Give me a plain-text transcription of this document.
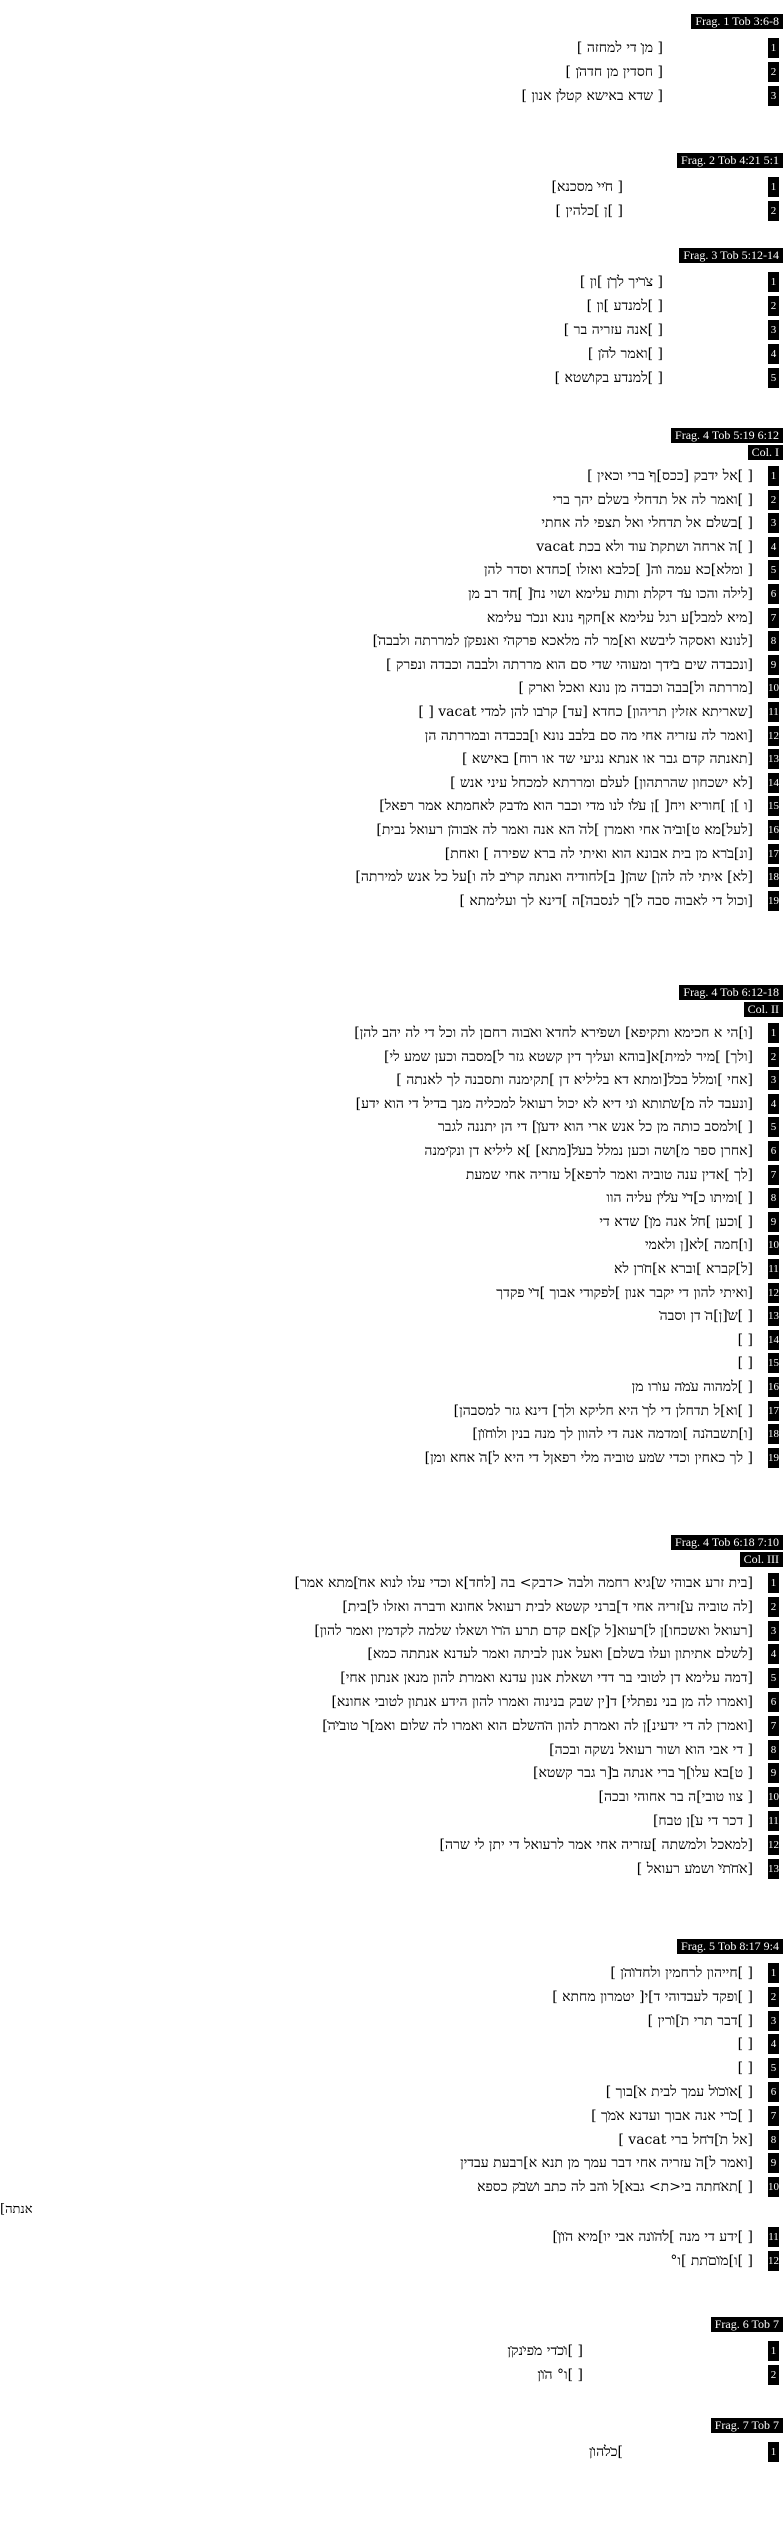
Frag. 1 Tob 3:6-8
1
[ מן̇ די למחזה ]
2
[ חסדין מן חדה̇ן ]
3
[ שדא באישא קטל̇ן אנון ]
Frag. 2 Tob 4:21 5:1
1
[ ח̇יי̇ מסכנא]
2
[ ]ן ]כלהין ]
Frag. 3 Tob 5:12-14
1
[ צ̇ר̇יך ל̇ך̇ן ]ון ]
2
[ ]למנדע ]ון ]
3
[ ]אנה עזריה בר ]
4
[ ]ואמר ל̇ה̇ן ]
5
[ ]למנדע בקו̇שטא ]
Frag. 4 Tob 5:19 6:12
Col. I
1
[ ]אל ידבק [ככס]ף̇ ברי וכאין ]
2
[ ]ואמר לה אל תדחלי בשלם יהך ברי
3
[ ]בשל̇ם אל תדחלי ואל תצפי לה אחתי
4
[ ]ה̇ ארחה̇ ושתקת̇ עוד ולא בכת vacat
5
[ ומלא]כא עמה ו̇ה[ ]כלבא ואזלו ]כחדא וסדר להן
6
[לילה והכו ע̇ד דקלת ותות עלימא ושוי נח̇[ ]חד רב מן
7
[מיא למבל]ע רגל עלימא א]חקף נונא ונכ̇ר עלימא
8
[לנונא ואסקה̇ ליבשא וא]מר לה מלאכא פרקה̇י ואנפק̇ן למררתה ולבבה̇]
9
[ונכבדה שים ב̇ידך ומעוהי שדי סם הוא מררתה ולבבה וכבדה ונפרק ]
10
[מררתה ול]בבה̇ וכבדה מן נונא ואכל וארק ]
11
[שאריתא אזלין תריהון] כחדא [עד] קר̇בו להן למדי vacat [ ]
12
[ואמר לה עזריה אחי מה סם בלבב נונא ו]בכבדה ובמררתה הן
13
[תאנתה קדם גבר או אנתא נגיעי שד או רוח] באישא ]
14
[לא ישכחון שהרתהון] לעלם ומררתא למכחל עיני אנש ]
15
[ו ]ן ]חוריא ויח[ ]ן ע̇ל̇ו לנו מדי וכבר הוא מ̇דבק לאחמתא אמר רפאל]
16
[לעל]מא ט]וב̇יה̇ אחי ואמרן ]לה̇ הא אנה ואמר לה א̇בוה̇ן רעואל נבית]
17
[ונ]ב̇רא מן בית אבונא הוא ואיתי לה ברא שפירה ] ואחת]
18
[לא] איתי לה להן̇] שה̇ן[ ב]לחודיה ואנתה קר̇י̇ב לה ו]על כל אנש למירתה]
19
[וכול די לאבוה סבה ל]ך לנסבה̇]ה ]דינא לך ועלימתא ]
Frag. 4 Tob 6:12-18
Col. II
1
[ו]הי א חכימא ותקיפא] ושפ̇ירא לחדא̇ וא̇בוה רחםן לה וכל די לה יהב להן]
2
[ולך] ]מיר למית]א[בוהא ועליך דין קשטא גזר ל]מסבה וכען שמע לי]
3
[אחי ]ומלל בכ̇ל[ומתא דא בליליא דן ]תקימנה ותסבנה לך לאנתה ]
4
[ונעבד לה מ]ש̇תותא ו̇ני דיא לא יכול רעואל למכליה מנך בדיל די הוא ידע]
5
[ ]ולמסב כותה מן כל אנש ארי הוא ידע̇ן̇] די הן יתננה לגבר
6
[אחרן ספר מ]ושה וכען נמלל בע̇ל[מתא] ]א ליליא דן ונק̇ימנה
7
[לך ]אדין ענה טוביה ואמר לרפא]ל עזריה אחי שמעת
8
[ ]ומיתו כ]ד̇י̇ ע̇ל̇י̇ן עליה הוו
9
[ ]וכען ]ח̇ל אנה מ̇ן̇] שדא די
10
[ו]חמה ]לא[ן ולאמי
11
[ל]קברא ]וברא א]ח̇רן לא
12
[ואיתי להון די יקבר אנון ]לפקודי אבוך ]ד̇י̇ פקדך
13
[ ]ש̇[ן]ה̇ דן וסבה̇
14
[ ]
15
[ ]
16
[ ]למהוה ע̇מ̇ה עו̇רו מן
17
[ ]וא]ל תדחלן די ל̇ך̇ היא חליקא ולך] דינא גזר למסבהן]
18
[ו]תשבה̇נה ]ומדמה אנה די להוון לך מנה בנין ולו̇ח̇ו̇ן]
19
[ לך כאחין וכדי ש̇מע טוביה מלי רפאןל די היא ל]ה̇ אחא ומן]
Frag. 4 Tob 6:18 7:10
Col. III
1
[בית זרע אבוהי ש̇]גיא רחמה ולבה̇ <דבק> בה [לחד]א וכדי עלו לנוא אח̇]מתא אמר]
2
[לה טוביה ע̇]זריה אחי ד]ברני קשטא לבית רעואל אחונא ודברה ואזלו ל]בית]
3
[רעואל ואשכחו]ן ל]רעוא[ל ק̇]אם קדם תרע ה̇ר̇ו̇ ושאלו שלמה לקדמין ואמר להון]
4
[לשלם אתיתון ועלו בשלם] ואעל אנון לביתה ואמר לעדנא אנתתה כמא]
5
[דמה עלימא דן לטובי בר דדי ושאלת אנון עדנא ואמרת להון מנאן אנתון אחי]
6
[ואמרו לה מן בני נפתלי] ד[ין שבק בנינוה ואמרו להון הידע אנתון לטובי אחונא]
7
[ואמרן לה די ידעינ]ן לה ואמרת להון ה̇השלם הוא ואמרו לה שלום ואמ]ר̇ טוב̇י̇ה̇]
8
[ די אבי הוא ושור רעואל נשקה ובכה]
9
[ ט]בא עלו̇]ך̇ ברי אנתה ב̇[ר גבר קשטא]
10
[ צוו טובי]ה בר אחוהי ובכה]
11
[ דכר די ע̇]ן טבח]
12
[למאכל ולמשתה ]עזריה אחי אמר לרעואל די יתן לי שרה]
13
[א̇ח̇ת̇י̇ ושמ̇ע רעואל ]
Frag. 5 Tob 8:17 9:4
1
[ ]חייהון לרחמין ולחד̇ו̇ה̇ן ]
2
[ ]ופקד לעבדוהי ד]י[ יטמרון מחתא ]
3
[ ]דבר תרי ת̇]ו̇רין ]
4
[ ]
5
[ ]
6
[ ]א̇ו̇כ̇ו̇ל עמך לבית א̇]בוך ]
7
[ ]כ̇רי אנה אבוך ועדנא א̇מ̇ך ]
8
[אל ת̇]ד̇חל ברי vacat ]
9
[ואמר ל]ה̇ עזריה אחי דבר עמך מן תנא א]רבעת עבדין
10
[ ]תא̇חתה בי<ת> גבא]ל ו̇הב לה כתב ו̇ש̇ב̇ק כספא
אנתה]
11
[ ]ידע די מנה ]ל̇ה̇ו̇נה אבי יו]מיא ה̇ו̇ן̇]
12
[ ]ו]מ̇ו̇ם̇תת ]ו°
Frag. 6 Tob 7
1
[ ]ו̇כ̇די מ̇פי̇נק̇ן
2
[ ]ו° ה̇ו̇ן
Frag. 7 Tob 7
1
]כ̇ל̇הו̇ן
